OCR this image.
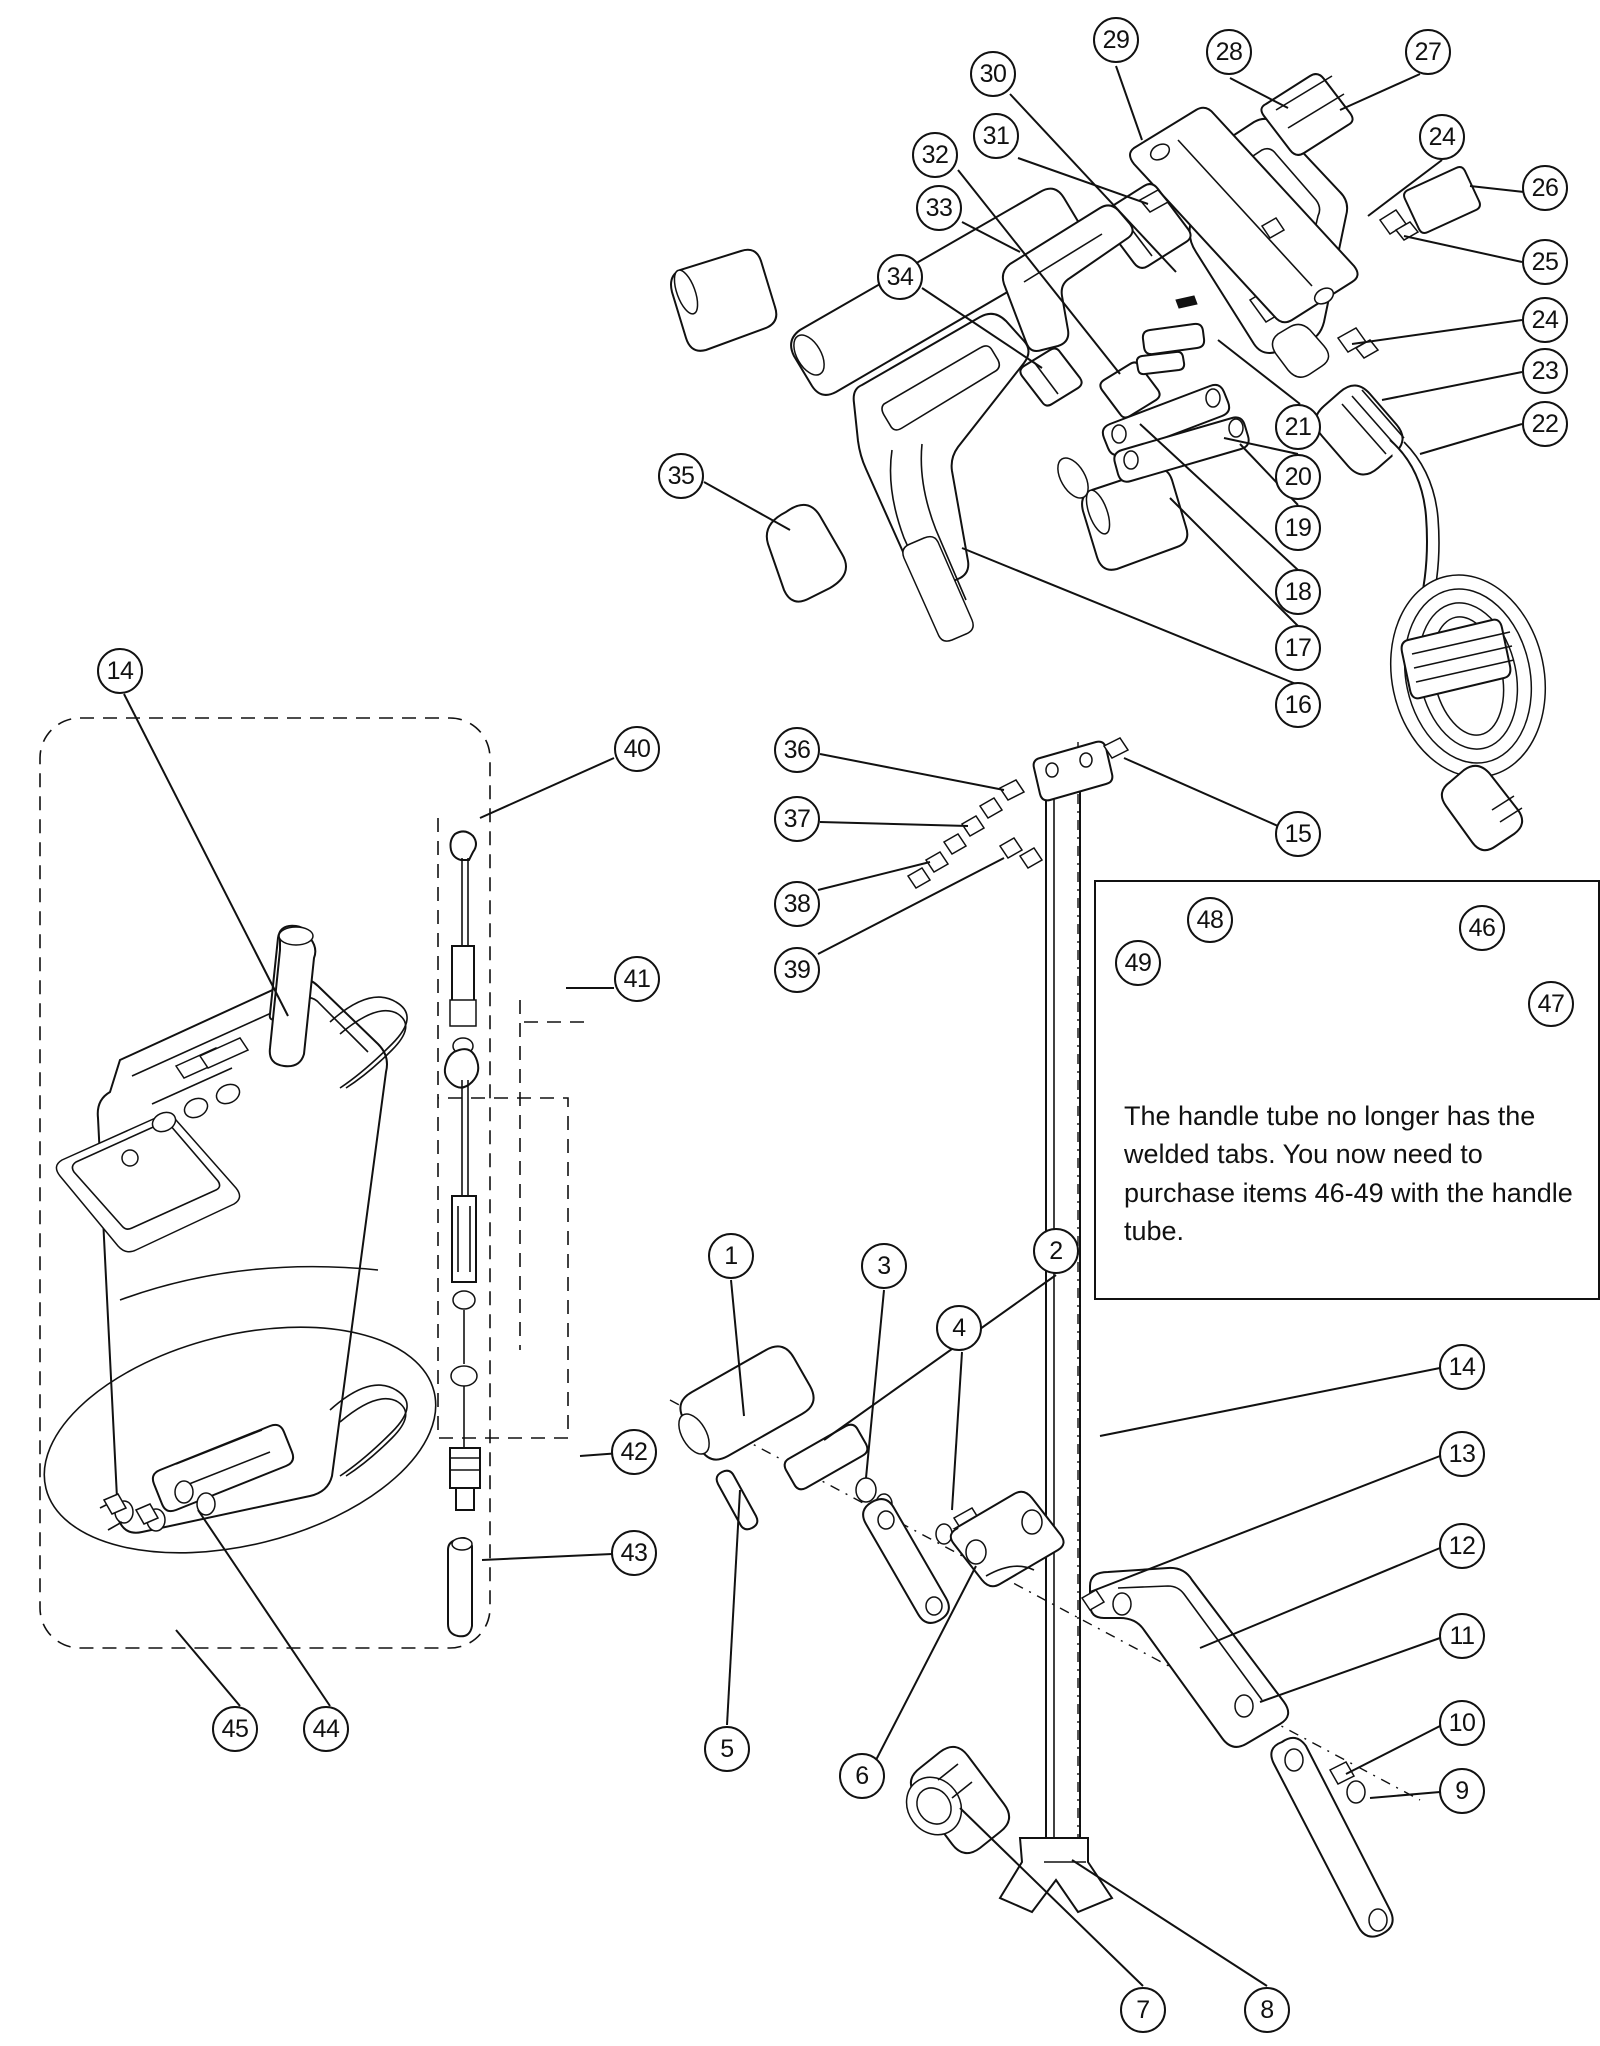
The handle tube no longer has the welded tabs. You now need to purchase items 46-49 with the handle tube.
29	28	27
30
24
31
32
26
33
25
34
24
23
21	22
20
35
19
18
17
16
14
40	36
37
15
38
48	46
41	39	49
47
1	2
3
4
14
42	13
43	12
11
10
5
9
6
45	44
7	8
